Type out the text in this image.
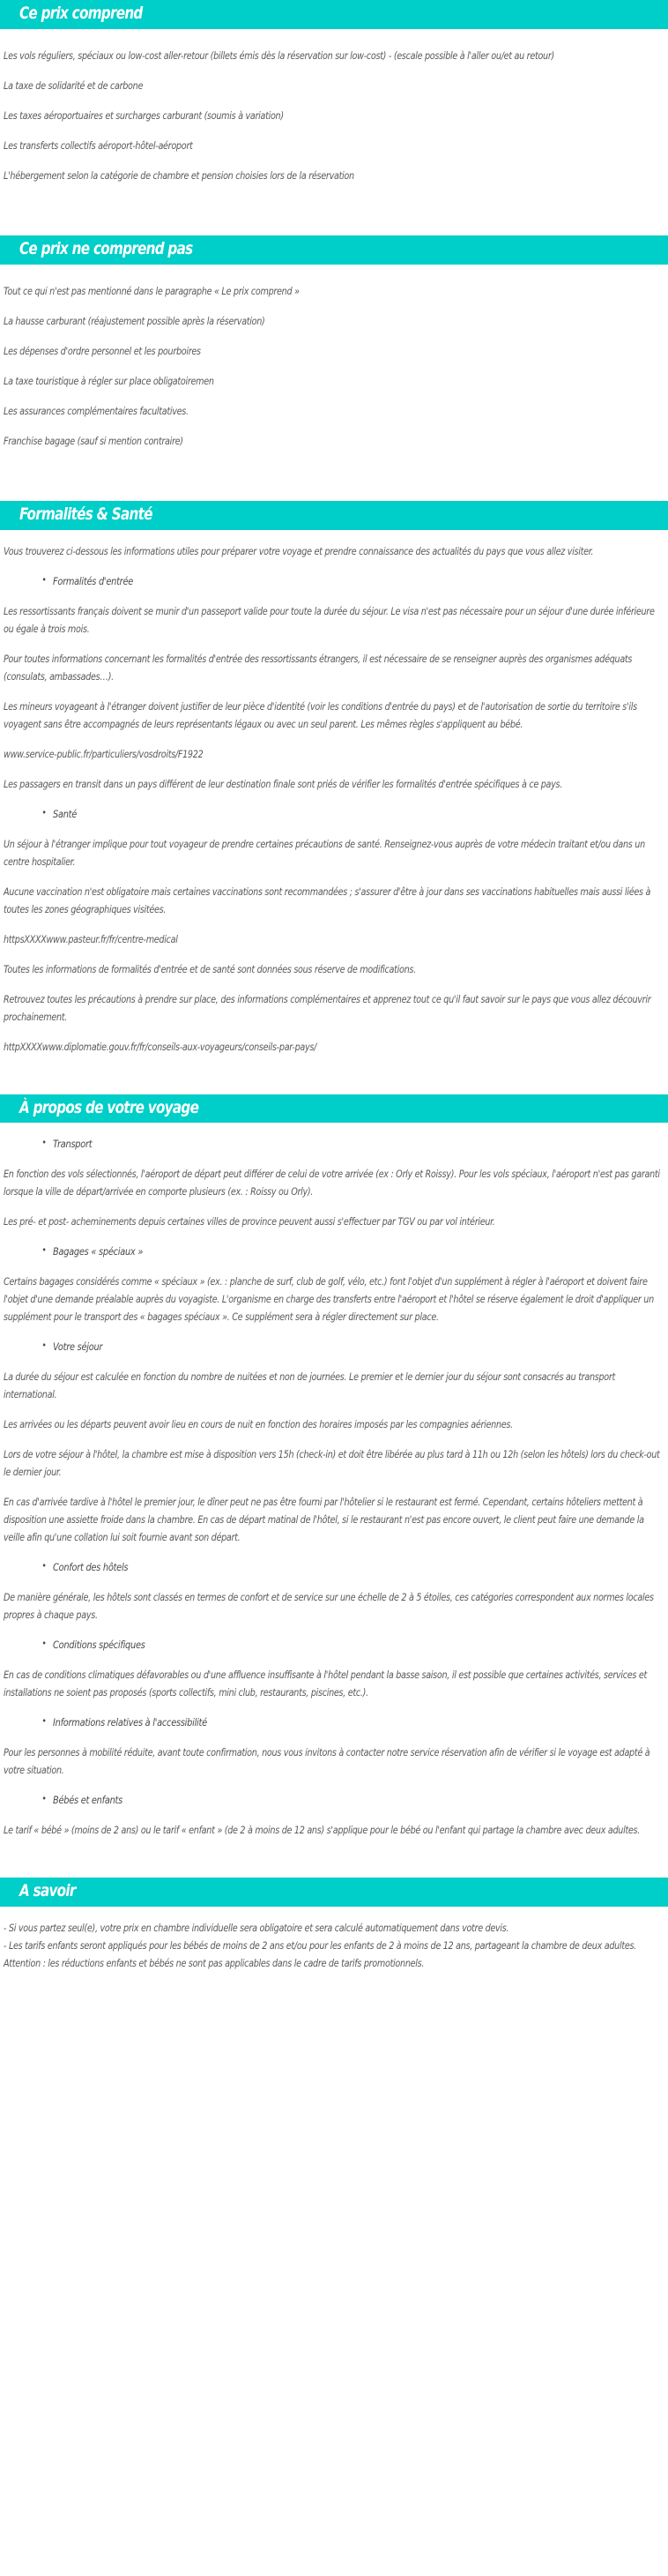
Ce prix comprend

Les vols réguliers, spéciaux ou low-cost aller-retour (billets émis dès la réservation sur low-cost) - (escale possible à l'aller ou/et au retour)

La taxe de solidarité et de carbone

Les taxes aéroportuaires et surcharges carburant (soumis à variation)

Les transferts collectifs aéroport-hôtel-aéroport

L'hébergement selon la catégorie de chambre et pension choisies lors de la réservation

Ce prix ne comprend pas

Tout ce qui n'est pas mentionné dans le paragraphe « Le prix comprend »

La hausse carburant (réajustement possible après la réservation)

Les dépenses d'ordre personnel et les pourboires

La taxe touristique à régler sur place obligatoiremen

Les assurances complémentaires facultatives.

Franchise bagage (sauf si mention contraire)

Formalités & Santé

Vous trouverez ci-dessous les informations utiles pour préparer votre voyage et prendre connaissance des actualités du pays que vous allez visiter.

• Formalités d'entrée

Les ressortissants français doivent se munir d'un passeport valide pour toute la durée du séjour. Le visa n'est pas nécessaire pour un séjour d'une durée inférieure ou égale à trois mois.

Pour toutes informations concernant les formalités d'entrée des ressortissants étrangers, il est nécessaire de se renseigner auprès des organismes adéquats (consulats, ambassades…).

Les mineurs voyageant à l'étranger doivent justifier de leur pièce d'identité (voir les conditions d'entrée du pays) et de l'autorisation de sortie du territoire s'ils voyagent sans être accompagnés de leurs représentants légaux ou avec un seul parent. Les mêmes règles s'appliquent au bébé.

www.service-public.fr/particuliers/vosdroits/F1922

Les passagers en transit dans un pays différent de leur destination finale sont priés de vérifier les formalités d'entrée spécifiques à ce pays.

• Santé

Un séjour à l'étranger implique pour tout voyageur de prendre certaines précautions de santé. Renseignez-vous auprès de votre médecin traitant et/ou dans un centre hospitalier.

Aucune vaccination n'est obligatoire mais certaines vaccinations sont recommandées ; s'assurer d'être à jour dans ses vaccinations habituelles mais aussi liées à toutes les zones géographiques visitées.

httpsXXXXwww.pasteur.fr/fr/centre-medical

Toutes les informations de formalités d'entrée et de santé sont données sous réserve de modifications.

Retrouvez toutes les précautions à prendre sur place, des informations complémentaires et apprenez tout ce qu'il faut savoir sur le pays que vous allez découvrir prochainement.

httpXXXXwww.diplomatie.gouv.fr/fr/conseils-aux-voyageurs/conseils-par-pays/

À propos de votre voyage
• Transport

En fonction des vols sélectionnés, l'aéroport de départ peut différer de celui de votre arrivée (ex : Orly et Roissy). Pour les vols spéciaux, l'aéroport n'est pas garanti lorsque la ville de départ/arrivée en comporte plusieurs (ex. : Roissy ou Orly).

Les pré- et post- acheminements depuis certaines villes de province peuvent aussi s'effectuer par TGV ou par vol intérieur.

• Bagages « spéciaux »

Certains bagages considérés comme « spéciaux » (ex. : planche de surf, club de golf, vélo, etc.) font l'objet d'un supplément à régler à l'aéroport et doivent faire l'objet d'une demande préalable auprès du voyagiste. L'organisme en charge des transferts entre l'aéroport et l'hôtel se réserve également le droit d'appliquer un supplément pour le transport des « bagages spéciaux ». Ce supplément sera à régler directement sur place.

• Votre séjour

La durée du séjour est calculée en fonction du nombre de nuitées et non de journées. Le premier et le dernier jour du séjour sont consacrés au transport international.

Les arrivées ou les départs peuvent avoir lieu en cours de nuit en fonction des horaires imposés par les compagnies aériennes.

Lors de votre séjour à l'hôtel, la chambre est mise à disposition vers 15h (check-in) et doit être libérée au plus tard à 11h ou 12h (selon les hôtels) lors du check-out le dernier jour.

En cas d'arrivée tardive à l'hôtel le premier jour, le dîner peut ne pas être fourni par l'hôtelier si le restaurant est fermé. Cependant, certains hôteliers mettent à disposition une assiette froide dans la chambre. En cas de départ matinal de l'hôtel, si le restaurant n'est pas encore ouvert, le client peut faire une demande la veille afin qu'une collation lui soit fournie avant son départ.

• Confort des hôtels

De manière générale, les hôtels sont classés en termes de confort et de service sur une échelle de 2 à 5 étoiles, ces catégories correspondent aux normes locales propres à chaque pays.

• Conditions spécifiques

En cas de conditions climatiques défavorables ou d'une affluence insuffisante à l'hôtel pendant la basse saison, il est possible que certaines activités, services et installations ne soient pas proposés (sports collectifs, mini club, restaurants, piscines, etc.).

• Informations relatives à l'accessibilité

Pour les personnes à mobilité réduite, avant toute confirmation, nous vous invitons à contacter notre service réservation afin de vérifier si le voyage est adapté à votre situation.

• Bébés et enfants

Le tarif « bébé » (moins de 2 ans) ou le tarif « enfant » (de 2 à moins de 12 ans) s'applique pour le bébé ou l'enfant qui partage la chambre avec deux adultes.

A savoir

- Si vous partez seul(e), votre prix en chambre individuelle sera obligatoire et sera calculé automatiquement dans votre devis.

- Les tarifs enfants seront appliqués pour les bébés de moins de 2 ans et/ou pour les enfants de 2 à moins de 12 ans, partageant la chambre de deux adultes.

Attention : les réductions enfants et bébés ne sont pas applicables dans le cadre de tarifs promotionnels.
